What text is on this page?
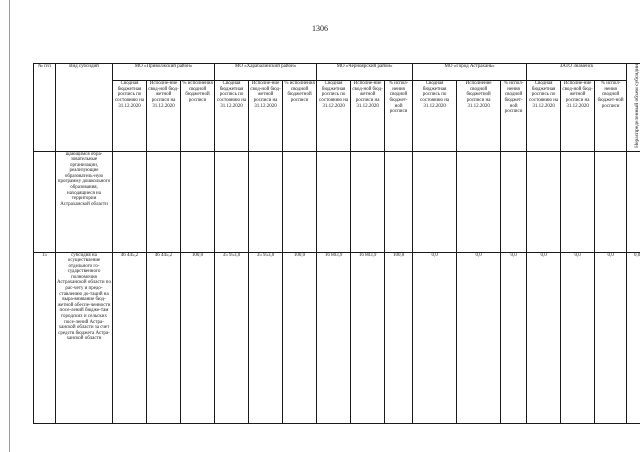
1306
№ п/п	Вид субсидий	МО «Приволжский район»			МО «Харабалинский район»			МО «Черноярский район»			МО «Город Астрахань»			ЗАТО Знаменск			Нераспределенный объем субсидии
		Сводная бюджетная роспись по состоянию на 31.12.2020	Исполне-ние свод-ной бюд-жетной росписи на 31.12.2020	% исполнения сводной бюджетной росписи	Сводная бюджетная роспись по состоянию на 31.12.2020	Исполне-ние свод-ной бюд-жетной росписи на 31.12.2020	% исполнения сводной бюджетной росписи	Сводная бюджетная роспись по состоянию на 31.12.2020	Исполне-ние свод-ной бюд-жетной росписи на 31.12.2020	% испол-нения сводной бюджет-ной росписи	Сводная бюджетная роспись по состоянию на 31.12.2020	Исполнение сводной бюджетной росписи на 31.12.2020	% испол-нения сводной бюджет-ной росписи	Сводная бюджетная роспись по состоянию на 31.12.2020	Исполне-ние свод-ной бюд-жетной росписи на 31.12.2020	% испол-нения сводной бюджет-ной росписи	
	щающимся обра-зовательные организации, реализующие образователь-ную программу дошкольного образования, находящиеся на территории Астраханской области																
15	субсидия на осуществление отдельного го-сударственного полномочия Астраханской области по рас-чету и предо-ставлению до-таций на выра-внивание бюд-жетной обеспе-ченности посе-лений бюдже-там городских и сельских посе-лений Астра-ханской области за счет средств бюджета Астра-ханской области	46 445,2	46 445,2	100,0	35 953,0	35 953,0	100,0	16 803,9	16 803,9	100,0	0,0	0,0	0,0	0,0	0,0	0,0	0,0
